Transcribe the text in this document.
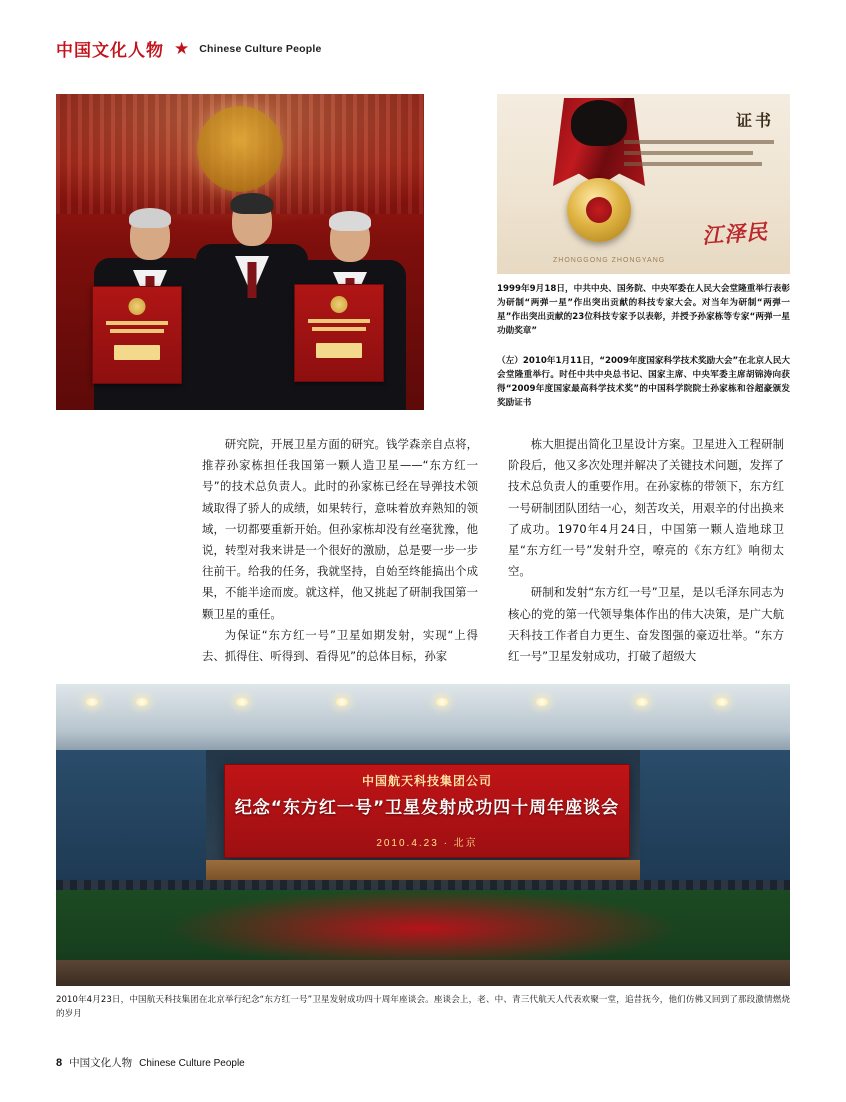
中国文化人物 ★ Chinese Culture People
ZHONGGONG ZHONGYANG
证书
江泽民
1999年9月18日，中共中央、国务院、中央军委在人民大会堂隆重举行表彰为研制“两弹一星”作出突出贡献的科技专家大会。对当年为研制“两弹一星”作出突出贡献的23位科技专家予以表彰，并授予孙家栋等专家“两弹一星功勋奖章”
（左）2010年1月11日，“2009年度国家科学技术奖励大会”在北京人民大会堂隆重举行。时任中共中央总书记、国家主席、中央军委主席胡锦涛向获得“2009年度国家最高科学技术奖”的中国科学院院士孙家栋和谷超豪颁发奖励证书

研究院，开展卫星方面的研究。钱学森亲自点将，推荐孙家栋担任我国第一颗人造卫星——“东方红一号”的技术总负责人。此时的孙家栋已经在导弹技术领域取得了骄人的成绩，如果转行，意味着放弃熟知的领域，一切都要重新开始。但孙家栋却没有丝毫犹豫，他说，转型对我来讲是一个很好的激励，总是要一步一步往前干。给我的任务，我就坚持，自始至终能搞出个成果，不能半途而废。就这样，他又挑起了研制我国第一颗卫星的重任。

为保证“东方红一号”卫星如期发射，实现“上得去、抓得住、听得到、看得见”的总体目标，孙家

栋大胆提出简化卫星设计方案。卫星进入工程研制阶段后，他又多次处理并解决了关键技术问题，发挥了技术总负责人的重要作用。在孙家栋的带领下，东方红一号研制团队团结一心，刻苦攻关，用艰辛的付出换来了成功。1970年4月24日，中国第一颗人造地球卫星“东方红一号”发射升空，嘹亮的《东方红》响彻太空。

研制和发射“东方红一号”卫星，是以毛泽东同志为核心的党的第一代领导集体作出的伟大决策，是广大航天科技工作者自力更生、奋发图强的豪迈壮举。“东方红一号”卫星发射成功，打破了超级大

中国航天科技集团公司
纪念“东方红一号”卫星发射成功四十周年座谈会
2010.4.23 · 北京
2010年4月23日，中国航天科技集团在北京举行纪念“东方红一号”卫星发射成功四十周年座谈会。座谈会上，老、中、青三代航天人代表欢聚一堂，追昔抚今，他们仿佛又回到了那段激情燃烧的岁月
8 中国文化人物 Chinese Culture People
